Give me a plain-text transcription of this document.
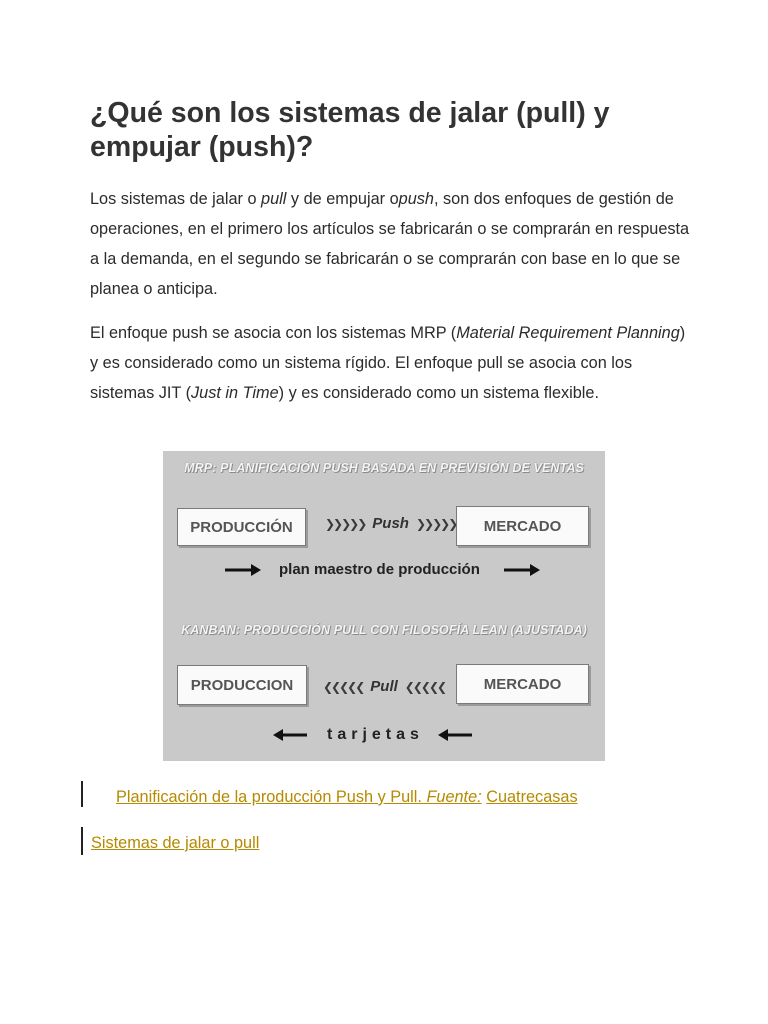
¿Qué son los sistemas de jalar (pull) y empujar (push)?

Los sistemas de jalar o pull y de empujar opush, son dos enfoques de gestión de operaciones, en el primero los artículos se fabricarán o se comprarán en respuesta a la demanda, en el segundo se fabricarán o se comprarán con base en lo que se planea o anticipa.

El enfoque push se asocia con los sistemas MRP (Material Requirement Planning) y es considerado como un sistema rígido. El enfoque pull se asocia con los sistemas JIT (Just in Time) y es considerado como un sistema flexible.

MRP: PLANIFICACIÓN PUSH BASADA EN PREVISIÓN DE VENTAS
PRODUCCIÓN	❯❯❯❯❯ Push ❯❯❯❯❯	MERCADO
plan maestro de producción
KANBAN: PRODUCCIÓN PULL CON FILOSOFÍA LEAN (AJUSTADA)
PRODUCCION	❮❮❮❮❮ Pull ❮❮❮❮❮	MERCADO
tarjetas

Planificación de la producción Push y Pull. Fuente: Cuatrecasas

Sistemas de jalar o pull
